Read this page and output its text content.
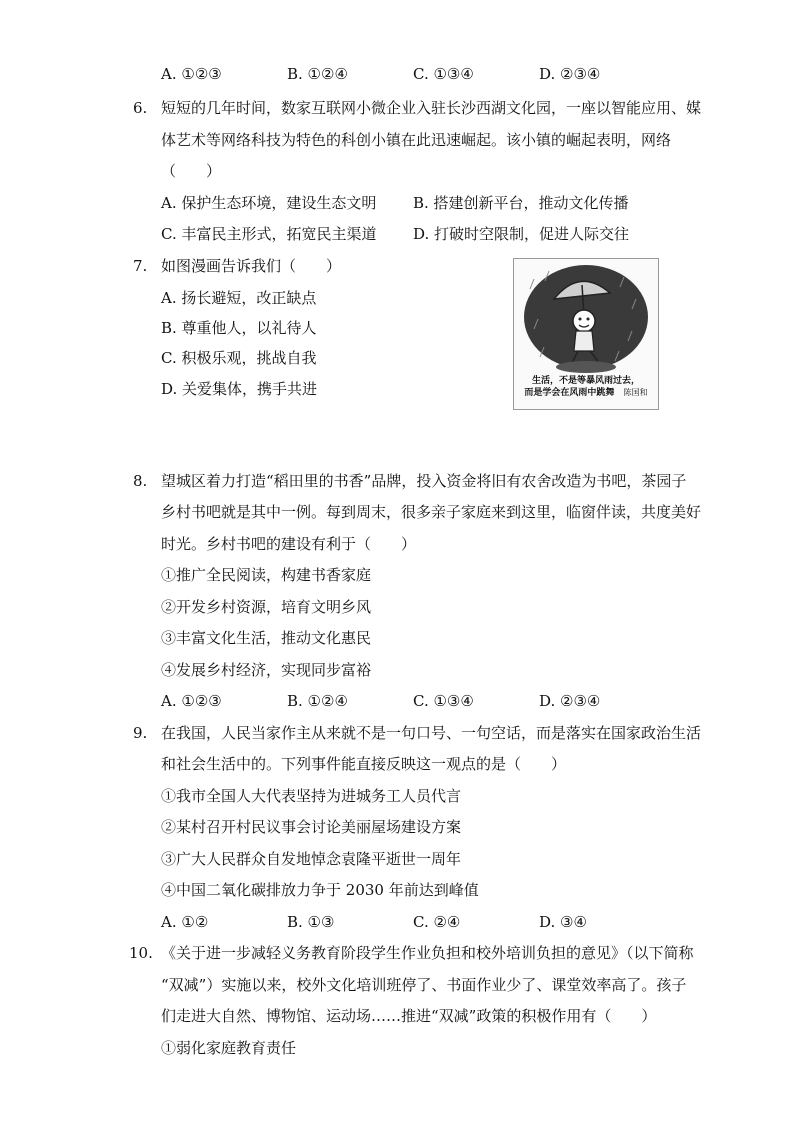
A. ①②③	B. ①②④	C. ①③④	D. ②③④
6. 短短的几年时间，数家互联网小微企业入驻长沙西湖文化园，一座以智能应用、媒
体艺术等网络科技为特色的科创小镇在此迅速崛起。该小镇的崛起表明，网络
（　　）
A. 保护生态环境，建设生态文明 B. 搭建创新平台，推动文化传播
C. 丰富民主形式，拓宽民主渠道 D. 打破时空限制，促进人际交往
7. 如图漫画告诉我们（　　）
A. 扬长避短，改正缺点
B. 尊重他人，以礼待人
C. 积极乐观，挑战自我
D. 关爱集体，携手共进	生活，不是等暴风雨过去，
而是学会在风雨中跳舞 陈国和
8. 望城区着力打造“稻田里的书香”品牌，投入资金将旧有农舍改造为书吧，茶园子
乡村书吧就是其中一例。每到周末，很多亲子家庭来到这里，临窗伴读，共度美好
时光。乡村书吧的建设有利于（　　）
①推广全民阅读，构建书香家庭
②开发乡村资源，培育文明乡风
③丰富文化生活，推动文化惠民
④发展乡村经济，实现同步富裕
A. ①②③	B. ①②④	C. ①③④	D. ②③④
9. 在我国，人民当家作主从来就不是一句口号、一句空话，而是落实在国家政治生活
和社会生活中的。下列事件能直接反映这一观点的是（　　）
①我市全国人大代表坚持为进城务工人员代言
②某村召开村民议事会讨论美丽屋场建设方案
③广大人民群众自发地悼念袁隆平逝世一周年
④中国二氧化碳排放力争于 2030 年前达到峰值
A. ①②	B. ①③	C. ②④	D. ③④
10. 《关于进一步减轻义务教育阶段学生作业负担和校外培训负担的意见》（以下简称
“双减”）实施以来，校外文化培训班停了、书面作业少了、课堂效率高了。孩子
们走进大自然、博物馆、运动场……推进“双减”政策的积极作用有（　　）
①弱化家庭教育责任
